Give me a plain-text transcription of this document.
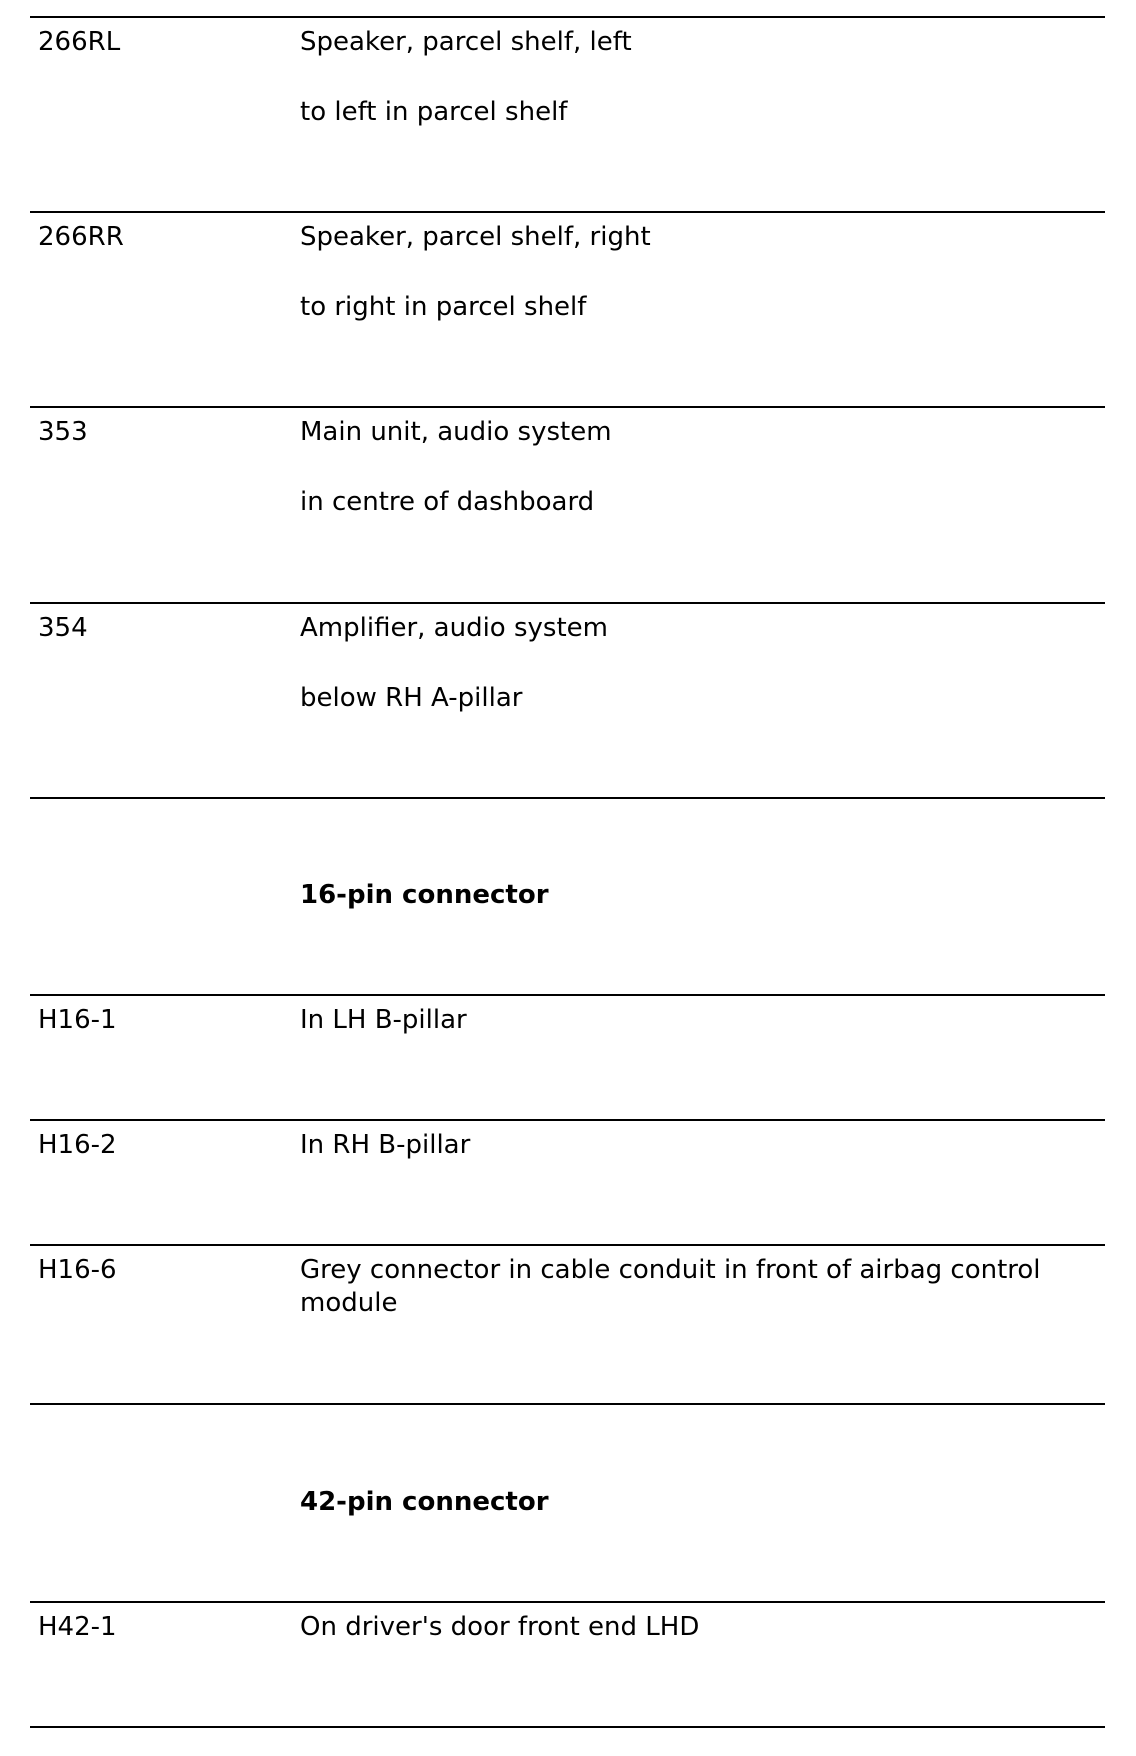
266RL	Speaker, parcel shelf, left
to left in parcel shelf
266RR	Speaker, parcel shelf, right
to right in parcel shelf
353	Main unit, audio system
in centre of dashboard
354	Amplifier, audio system
below RH A-pillar
16-pin connector
H16-1	In LH B-pillar
H16-2	In RH B-pillar
H16-6	Grey connector in cable conduit in front of airbag control module
42-pin connector
H42-1	On driver's door front end LHD
